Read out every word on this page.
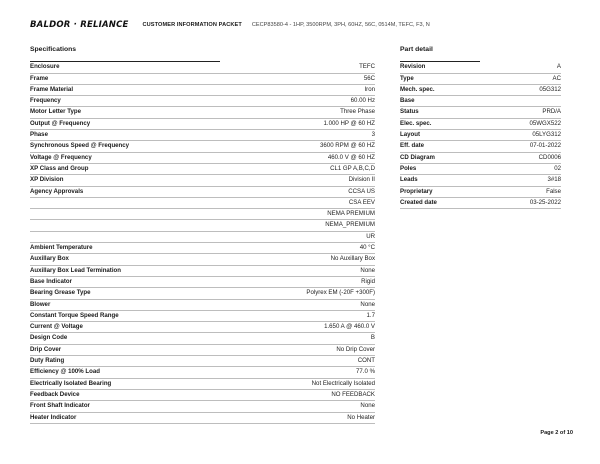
BALDOR · RELIANCE	CUSTOMER INFORMATION PACKET CECP83580-4 - 1HP, 3500RPM, 3PH, 60HZ, 56C, 0514M, TEFC, F3, N
Specifications	Part detail
Enclosure	TEFC
Frame	56C
Frame Material	Iron
Frequency	60.00 Hz
Motor Letter Type	Three Phase
Output @ Frequency	1.000 HP @ 60 HZ
Phase	3
Synchronous Speed @ Frequency	3600 RPM @ 60 HZ
Voltage @ Frequency	460.0 V @ 60 HZ
XP Class and Group	CL1 GP A,B,C,D
XP Division	Division II
Agency Approvals	CCSA US
	CSA EEV
	NEMA PREMIUM
	NEMA_PREMIUM
	UR
Ambient Temperature	40 °C
Auxillary Box	No Auxillary Box
Auxillary Box Lead Termination	None
Base Indicator	Rigid
Bearing Grease Type	Polyrex EM (-20F +300F)
Blower	None
Constant Torque Speed Range	1.7
Current @ Voltage	1.650 A @ 460.0 V
Design Code	B
Drip Cover	No Drip Cover
Duty Rating	CONT
Efficiency @ 100% Load	77.0 %
Electrically Isolated Bearing	Not Electrically Isolated
Feedback Device	NO FEEDBACK
Front Shaft Indicator	None
Heater Indicator	No Heater
Revision	A
Type	AC
Mech. spec.	05G312
Base	
Status	PRD/A
Elec. spec.	05WGX522
Layout	05LYG312
Eff. date	07-01-2022
CD Diagram	CD0006
Poles	02
Leads	3#18
Proprietary	False
Created date	03-25-2022
Page 2 of 10
